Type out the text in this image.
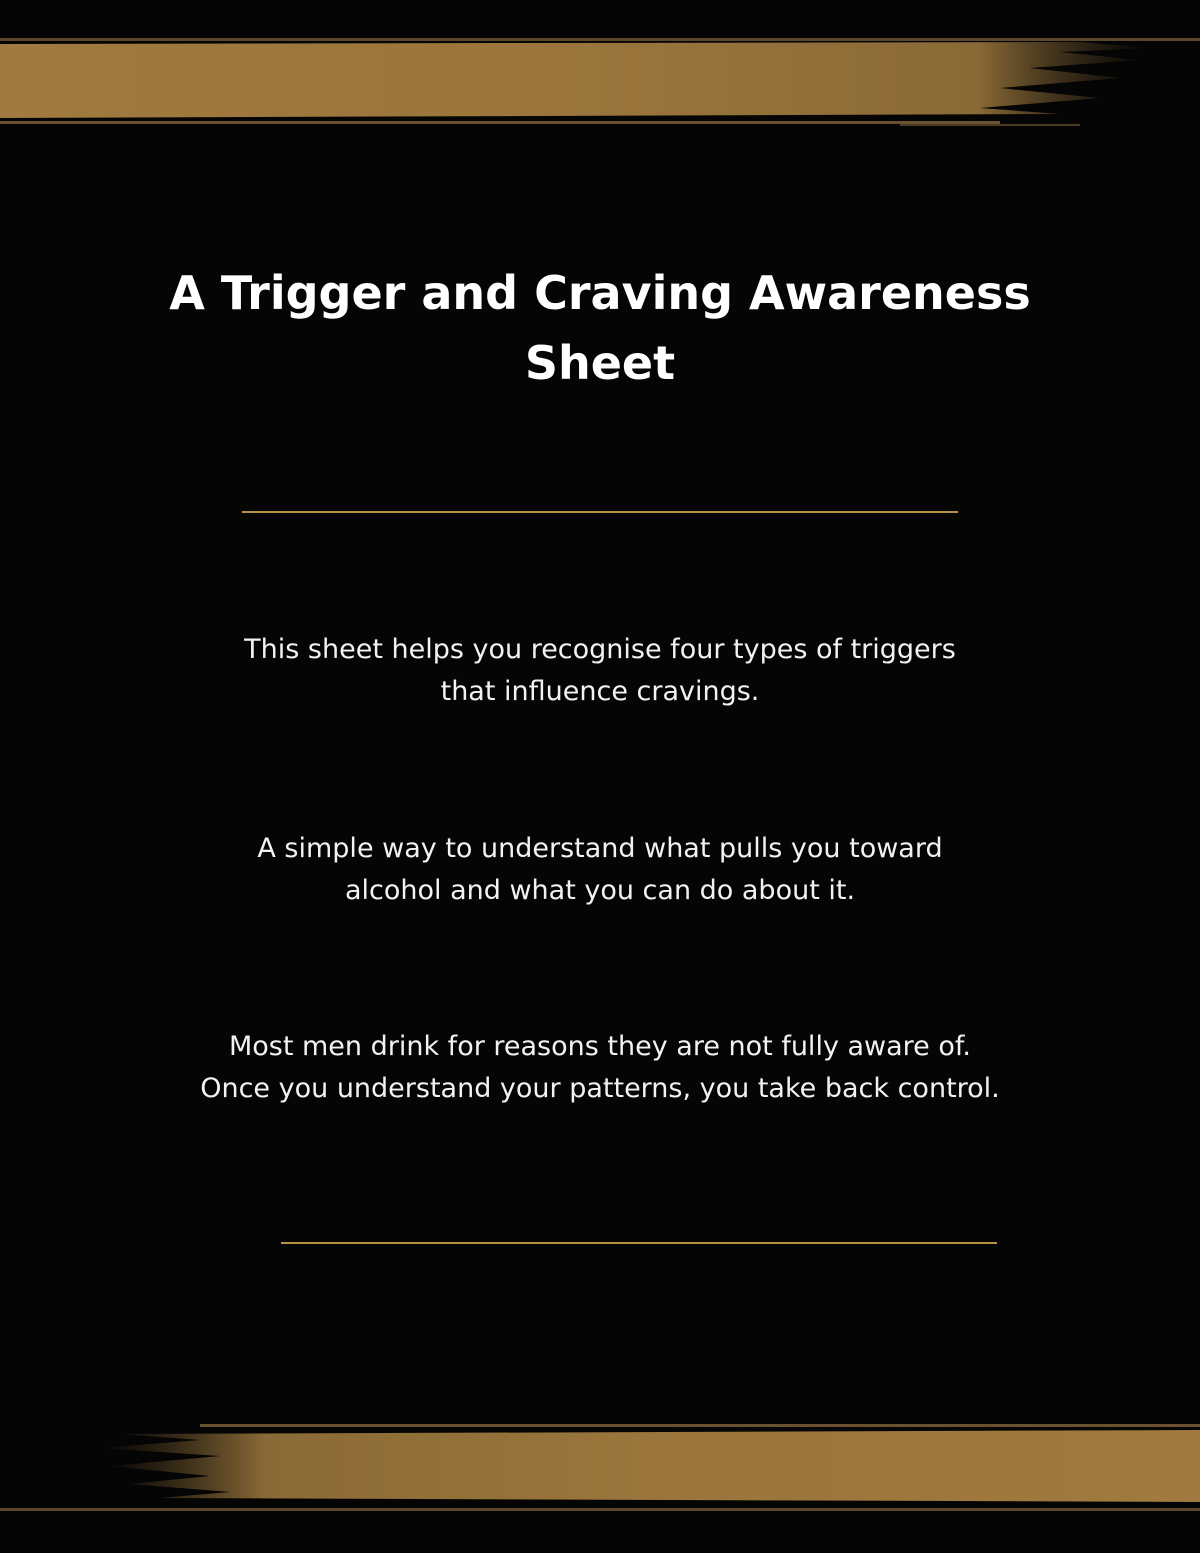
A Trigger and Craving Awareness
Sheet

This sheet helps you recognise four types of triggers
that influence cravings.

A simple way to understand what pulls you toward
alcohol and what you can do about it.

Most men drink for reasons they are not fully aware of.
Once you understand your patterns, you take back control.
